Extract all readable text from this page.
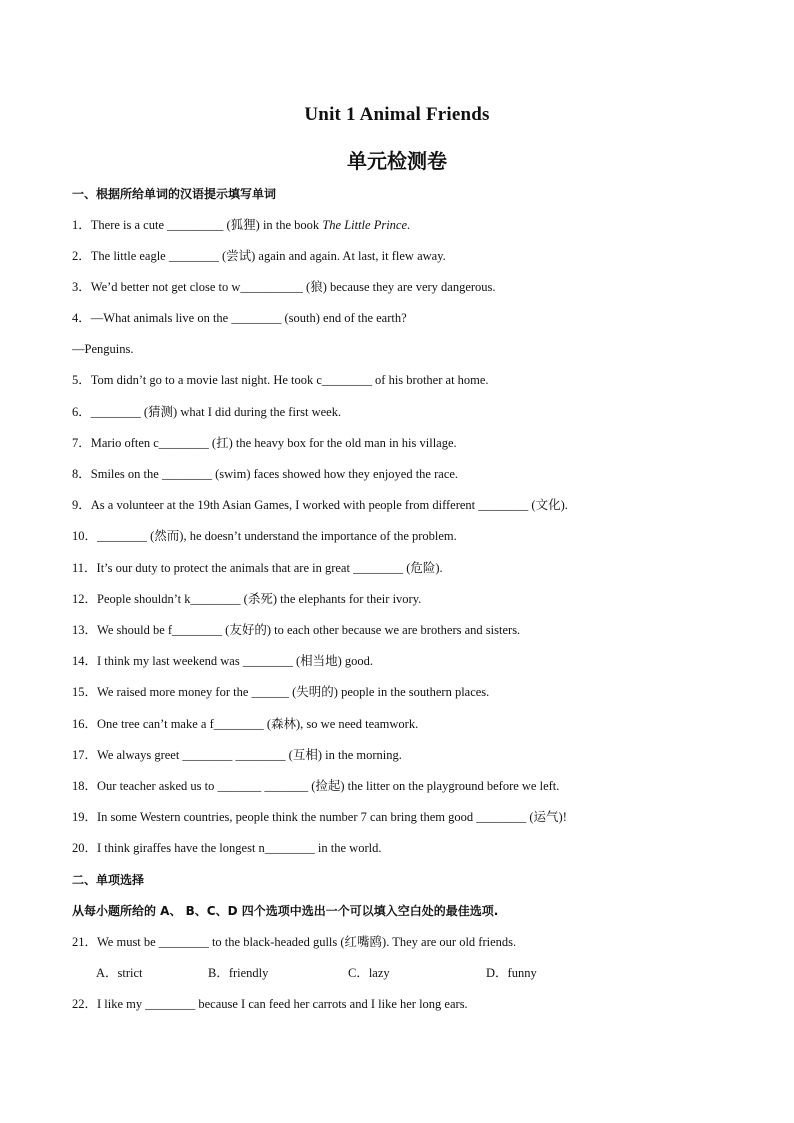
Unit 1 Animal Friends
单元检测卷
一、根据所给单词的汉语提示填写单词
1．There is a cute _________ (狐狸) in the book The Little Prince.
2．The little eagle ________ (尝试) again and again. At last, it flew away.
3．We’d better not get close to w__________ (狼) because they are very dangerous.
4．—What animals live on the ________ (south) end of the earth?
—Penguins.
5．Tom didn’t go to a movie last night. He took c________ of his brother at home.
6．________ (猜测) what I did during the first week.
7．Mario often c________ (扛) the heavy box for the old man in his village.
8．Smiles on the ________ (swim) faces showed how they enjoyed the race.
9．As a volunteer at the 19th Asian Games, I worked with people from different ________ (文化).
10．________ (然而), he doesn’t understand the importance of the problem.
11．It’s our duty to protect the animals that are in great ________ (危险).
12．People shouldn’t k________ (杀死) the elephants for their ivory.
13．We should be f________ (友好的) to each other because we are brothers and sisters.
14．I think my last weekend was ________ (相当地) good.
15．We raised more money for the ______ (失明的) people in the southern places.
16．One tree can’t make a f________ (森林), so we need teamwork.
17．We always greet ________ ________ (互相) in the morning.
18．Our teacher asked us to _______ _______ (捡起) the litter on the playground before we left.
19．In some Western countries, people think the number 7 can bring them good ________ (运气)!
20．I think giraffes have the longest n________ in the world.
二、单项选择
从每小题所给的 A、 B、C、D 四个选项中选出一个可以填入空白处的最佳选项.
21．We must be ________ to the black-headed gulls (红嘴鸥). They are our old friends.
A．strict	B．friendly	C．lazy	D．funny
22．I like my ________ because I can feed her carrots and I like her long ears.
